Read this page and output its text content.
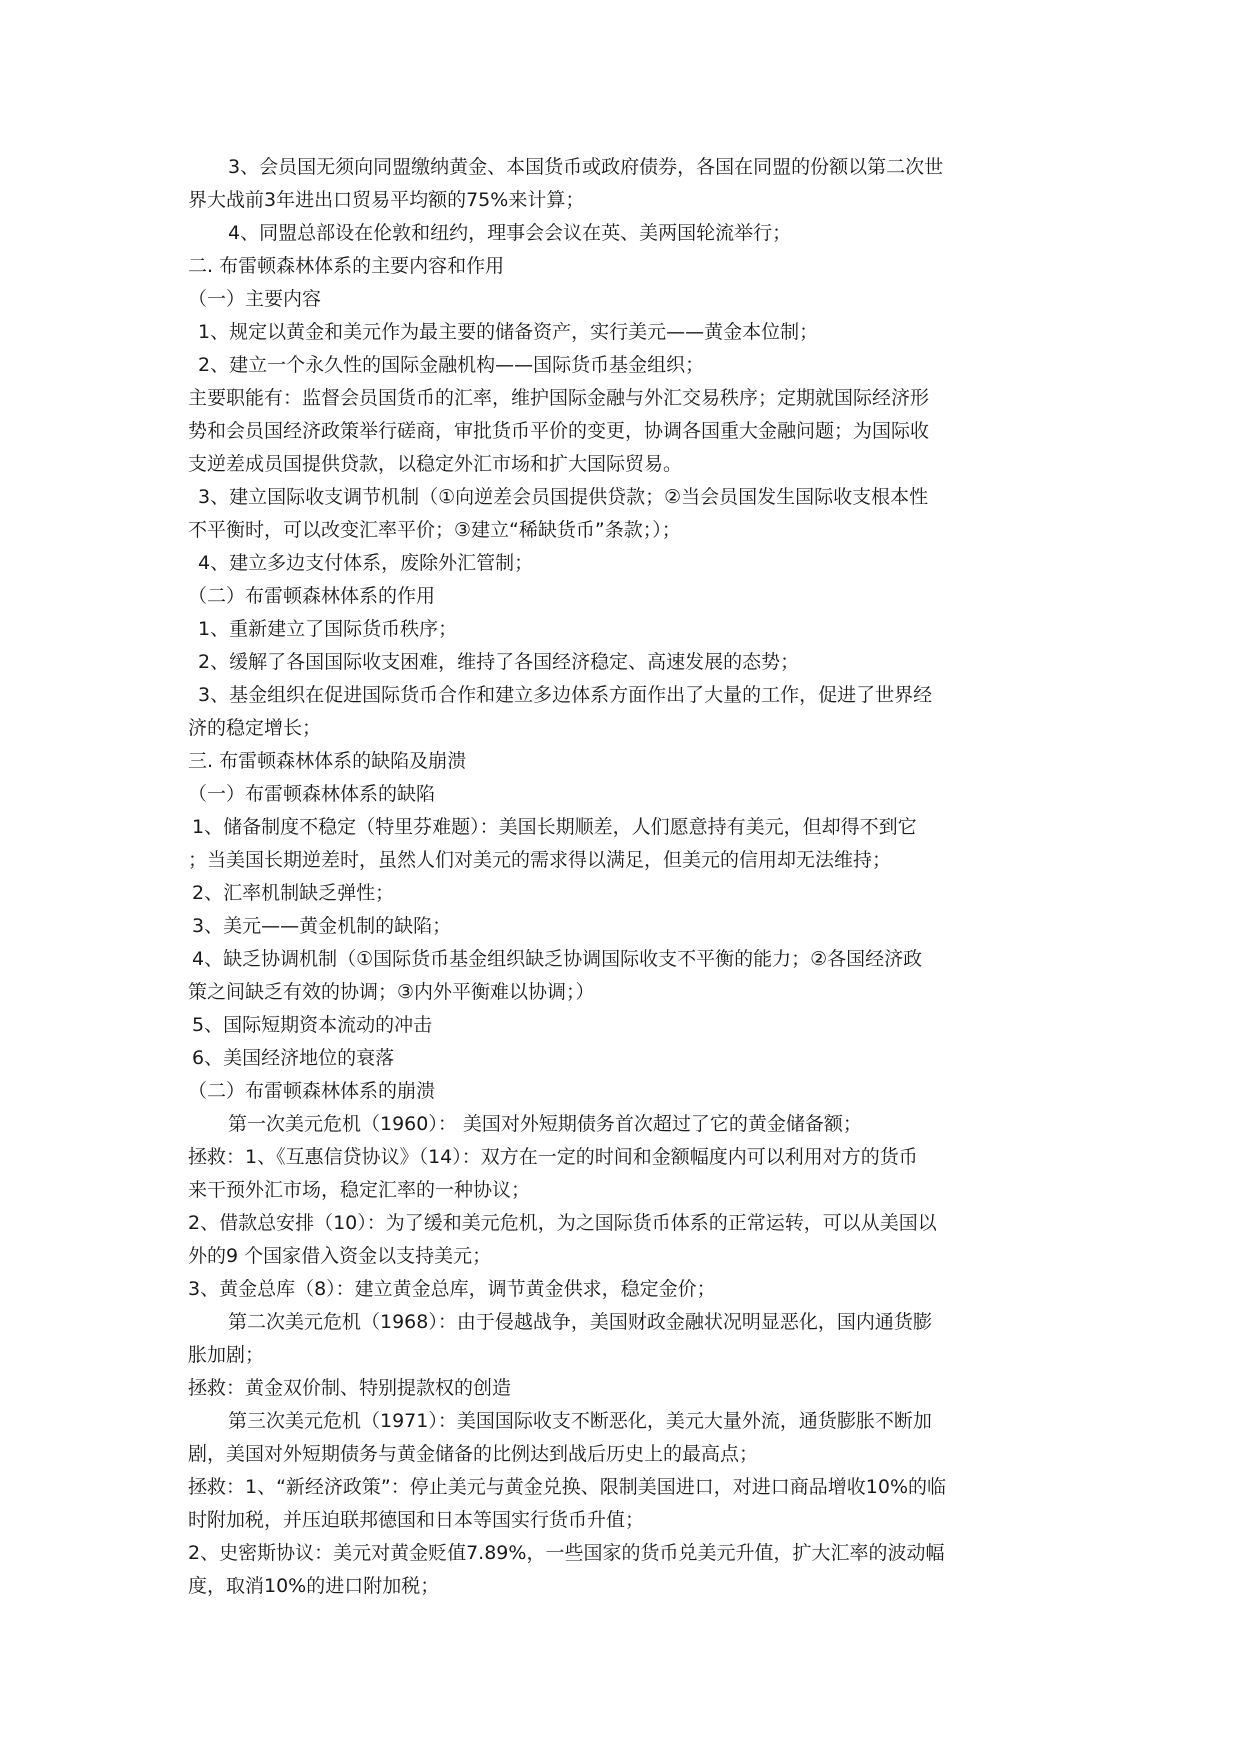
3、会员国无须向同盟缴纳黄金、本国货币或政府债券，各国在同盟的份额以第二次世
界大战前3年进出口贸易平均额的75%来计算；
4、同盟总部设在伦敦和纽约，理事会会议在英、美两国轮流举行；
二. 布雷顿森林体系的主要内容和作用
（一）主要内容
1、规定以黄金和美元作为最主要的储备资产，实行美元——黄金本位制；
2、建立一个永久性的国际金融机构——国际货币基金组织；
主要职能有：监督会员国货币的汇率，维护国际金融与外汇交易秩序；定期就国际经济形
势和会员国经济政策举行磋商，审批货币平价的变更，协调各国重大金融问题；为国际收
支逆差成员国提供贷款，以稳定外汇市场和扩大国际贸易。
3、建立国际收支调节机制（①向逆差会员国提供贷款；②当会员国发生国际收支根本性
不平衡时，可以改变汇率平价；③建立“稀缺货币”条款；）；
4、建立多边支付体系，废除外汇管制；
（二）布雷顿森林体系的作用
1、重新建立了国际货币秩序；
2、缓解了各国国际收支困难，维持了各国经济稳定、高速发展的态势；
3、基金组织在促进国际货币合作和建立多边体系方面作出了大量的工作，促进了世界经
济的稳定增长；
三. 布雷顿森林体系的缺陷及崩溃
（一）布雷顿森林体系的缺陷
1、储备制度不稳定（特里芬难题）：美国长期顺差，人们愿意持有美元，但却得不到它
；当美国长期逆差时，虽然人们对美元的需求得以满足，但美元的信用却无法维持；
2、汇率机制缺乏弹性；
3、美元——黄金机制的缺陷；
4、缺乏协调机制（①国际货币基金组织缺乏协调国际收支不平衡的能力；②各国经济政
策之间缺乏有效的协调；③内外平衡难以协调；）
5、国际短期资本流动的冲击
6、美国经济地位的衰落
（二）布雷顿森林体系的崩溃
第一次美元危机（1960）： 美国对外短期债务首次超过了它的黄金储备额；
拯救：1、《互惠信贷协议》（14）：双方在一定的时间和金额幅度内可以利用对方的货币
来干预外汇市场，稳定汇率的一种协议；
2、借款总安排（10）：为了缓和美元危机，为之国际货币体系的正常运转，可以从美国以
外的9 个国家借入资金以支持美元；
3、黄金总库（8）：建立黄金总库，调节黄金供求，稳定金价；
第二次美元危机（1968）：由于侵越战争，美国财政金融状况明显恶化，国内通货膨
胀加剧；
拯救：黄金双价制、特别提款权的创造
第三次美元危机（1971）：美国国际收支不断恶化，美元大量外流，通货膨胀不断加
剧，美国对外短期债务与黄金储备的比例达到战后历史上的最高点；
拯救：1、“新经济政策”：停止美元与黄金兑换、限制美国进口，对进口商品增收10%的临
时附加税，并压迫联邦德国和日本等国实行货币升值；
2、史密斯协议：美元对黄金贬值7.89%，一些国家的货币兑美元升值，扩大汇率的波动幅
度，取消10%的进口附加税；
